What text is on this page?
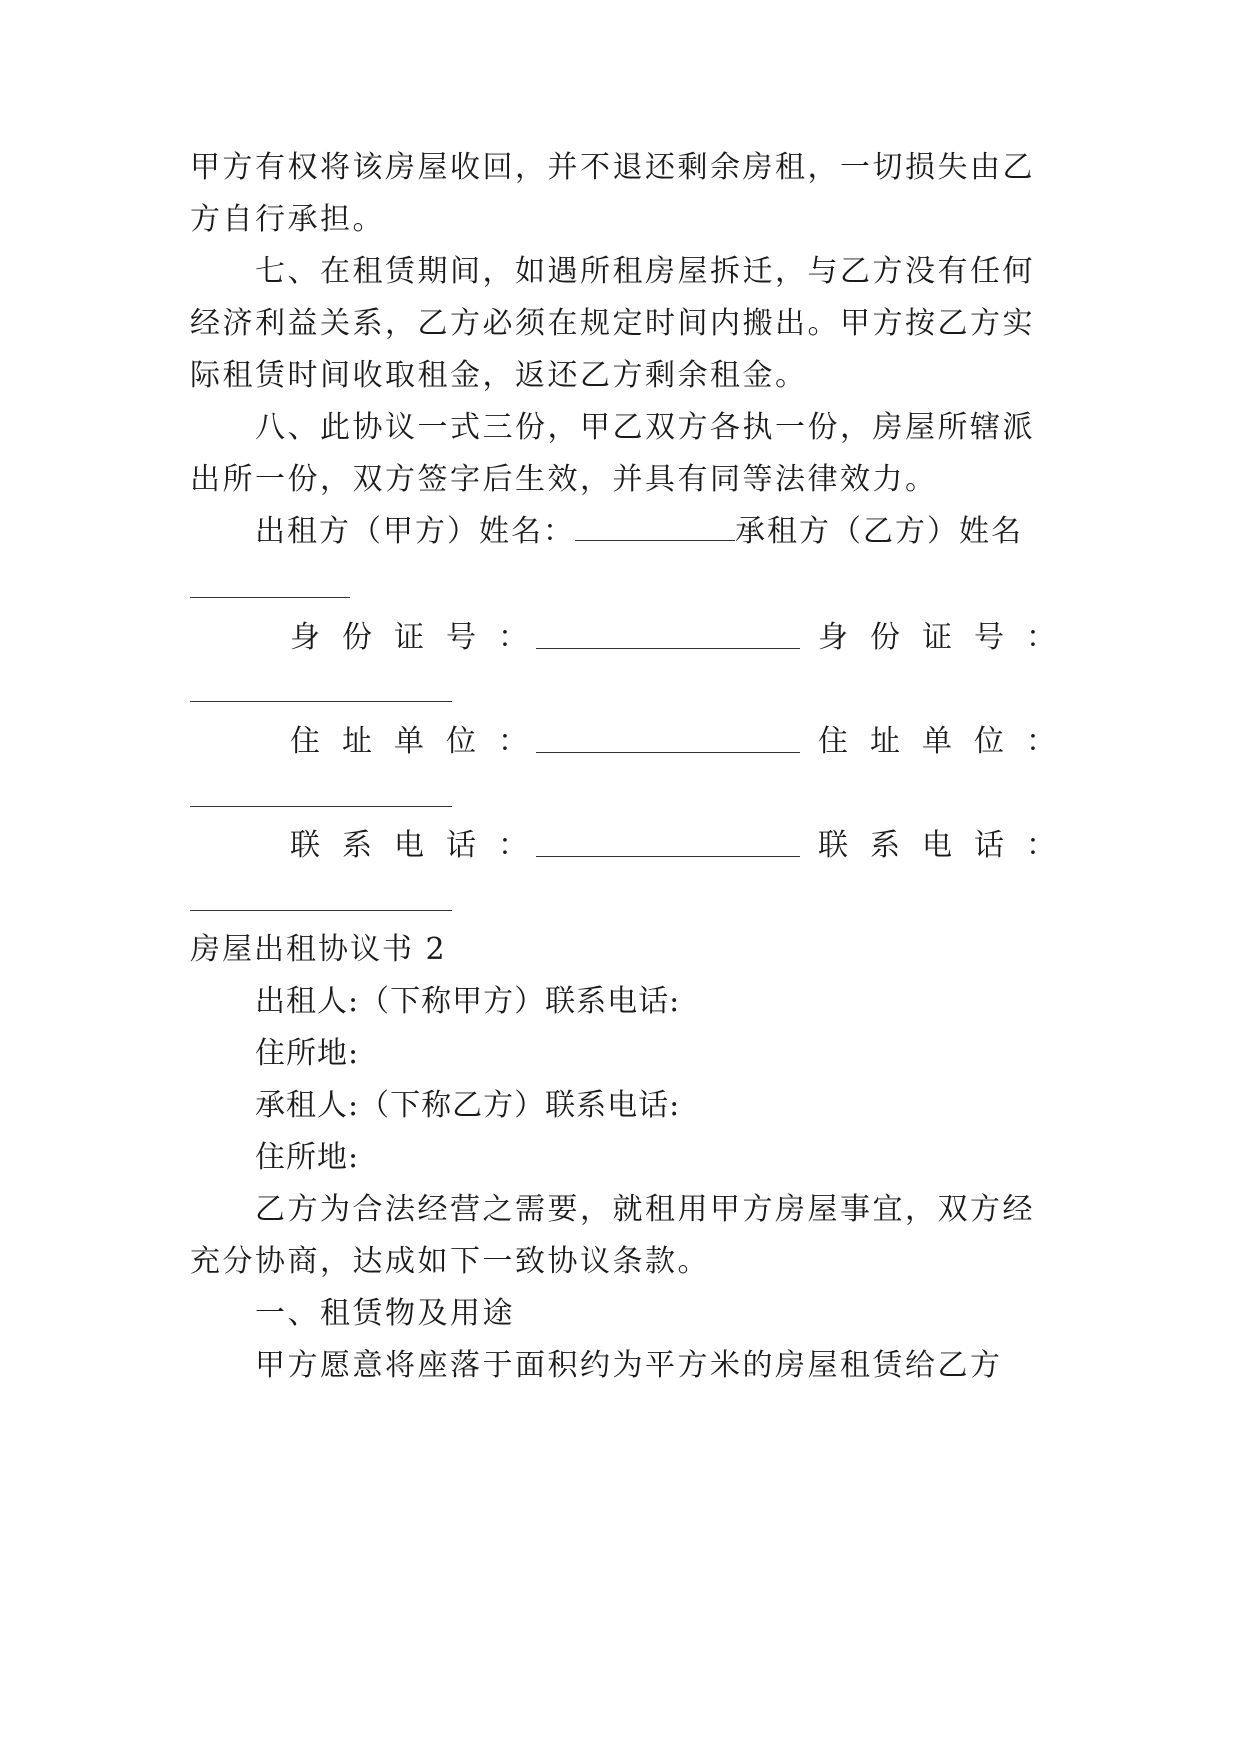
甲方有权将该房屋收回，并不退还剩余房租，一切损失由乙
方自行承担。
七、在租赁期间，如遇所租房屋拆迁，与乙方没有任何
经济利益关系，乙方必须在规定时间内搬出。甲方按乙方实
际租赁时间收取租金，返还乙方剩余租金。
八、此协议一式三份，甲乙双方各执一份，房屋所辖派
出所一份，双方签字后生效，并具有同等法律效力。
出租方（甲方）姓名：	承租方（乙方）姓名
身份证号：	身份证号：
住址单位：	住址单位：
联系电话：	联系电话：
房屋出租协议书 2
出租人:（下称甲方）联系电话:
住所地:
承租人:（下称乙方）联系电话:
住所地:
乙方为合法经营之需要，就租用甲方房屋事宜，双方经
充分协商，达成如下一致协议条款。
一、租赁物及用途
甲方愿意将座落于面积约为平方米的房屋租赁给乙方
